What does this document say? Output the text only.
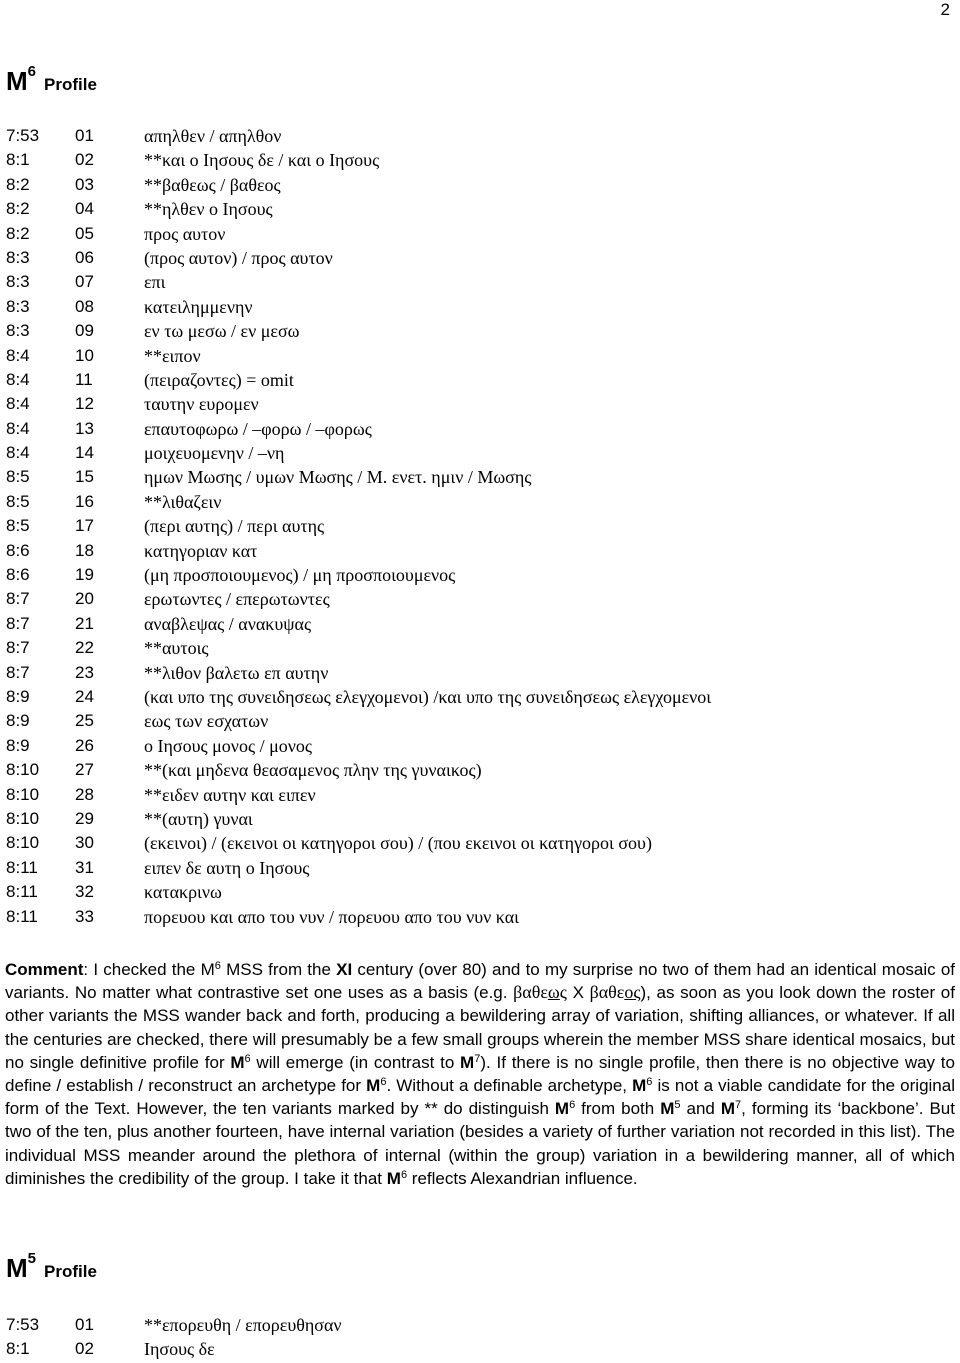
2
$M^6Profile$
7:53	01	απηλθεν / απηλθον
8:1	02	**και ο Ιησους δε / και ο Ιησους
8:2	03	**βαθεως / βαθεος
8:2	04	**ηλθεν ο Ιησους
8:2	05	προς αυτον
8:3	06	(προς αυτον) / προς αυτον
8:3	07	επι
8:3	08	κατειλημμενην
8:3	09	εν τω μεσω / εν μεσω
8:4	10	**ειπον
8:4	11	(πειραζοντες) = omit
8:4	12	ταυτην ευρομεν
8:4	13	επαυτοφωρω / –φορω / –φορως
8:4	14	μοιχευομενην / –νη
8:5	15	ημων Μωσης / υμων Μωσης / Μ. ενετ. ημιν / Μωσης
8:5	16	**λιθαζειν
8:5	17	(περι αυτης) / περι αυτης
8:6	18	κατηγοριαν κατ
8:6	19	(μη προσποιουμενος) / μη προσποιουμενος
8:7	20	ερωτωντες / επερωτωντες
8:7	21	αναβλεψας / ανακυψας
8:7	22	**αυτοις
8:7	23	**λιθον βαλετω επ αυτην
8:9	24	(και υπο της συνειδησεως ελεγχομενοι) /και υπο της συνειδησεως ελεγχομενοι
8:9	25	εως των εσχατων
8:9	26	ο Ιησους μονος / μονος
8:10	27	**(και μηδενα θεασαμενος πλην της γυναικος)
8:10	28	**ειδεν αυτην και ειπεν
8:10	29	**(αυτη) γυναι
8:10	30	(εκεινοι) / (εκεινοι οι κατηγοροι σου) / (που εκεινοι οι κατηγοροι σου)
8:11	31	ειπεν δε αυτη ο Ιησους
8:11	32	κατακρινω
8:11	33	πορευου και απο του νυν / πορευου απο του νυν και
Comment: I checked the $M^6$ MSS from the XI century (over 80) and to my surprise no two of them had an identical mosaic of variants. No matter what contrastive set one uses as a basis (e.g. βαθεως X βαθεος), as soon as you look down the roster of other variants the MSS wander back and forth, producing a bewildering array of variation, shifting alliances, or whatever. If all the centuries are checked, there will presumably be a few small groups wherein the member MSS share identical mosaics, but no single definitive profile for $M^6$ will emerge (in contrast to $M^7$). If there is no single profile, then there is no objective way to define / establish / reconstruct an archetype for $M^6$. Without a definable archetype, $M^6$ is not a viable candidate for the original form of the Text. However, the ten variants marked by ** do distinguish $M^6$ from both $M^5$ and $M^7$, forming its ‘backbone’. But two of the ten, plus another fourteen, have internal variation (besides a variety of further variation not recorded in this list). The individual MSS meander around the plethora of internal (within the group) variation in a bewildering manner, all of which diminishes the credibility of the group. I take it that $M^6$ reflects Alexandrian influence.
$M^5Profile$
7:53	01	**επορευθη / επορευθησαν
8:1	02	Ιησους δε
